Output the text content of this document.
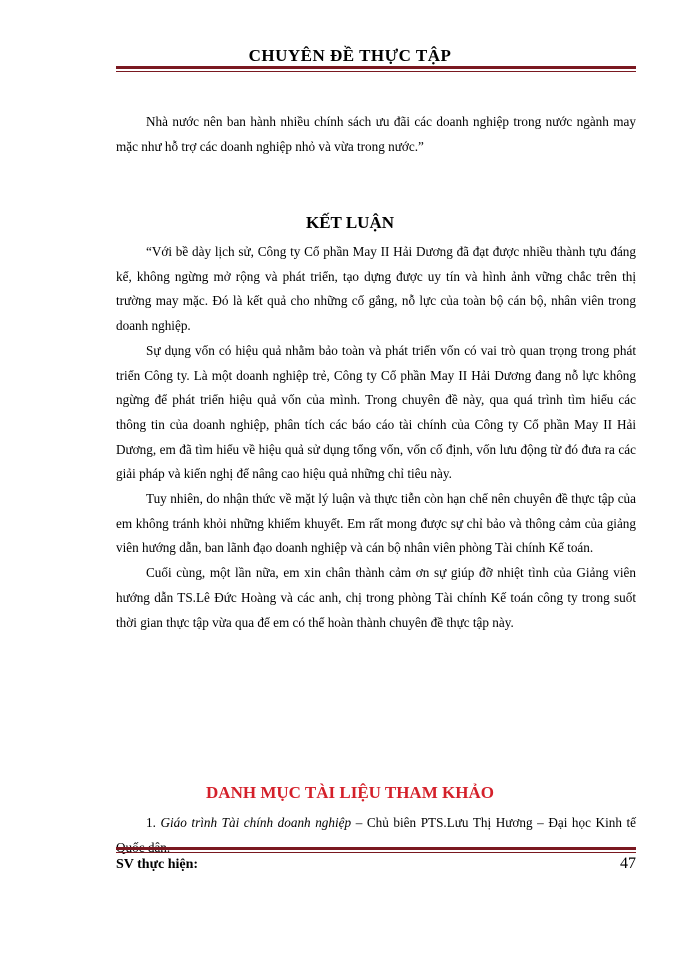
CHUYÊN ĐỀ THỰC TẬP

Nhà nước nên ban hành nhiều chính sách ưu đãi các doanh nghiệp trong nước ngành may mặc như hỗ trợ các doanh nghiệp nhỏ và vừa trong nước.”

KẾT LUẬN

“Với bề dày lịch sử, Công ty Cổ phần May II Hải Dương đã đạt được nhiều thành tựu đáng kể, không ngừng mở rộng và phát triển, tạo dựng được uy tín và hình ảnh vững chắc trên thị trường may mặc. Đó là kết quả cho những cố gắng, nỗ lực của toàn bộ cán bộ, nhân viên trong doanh nghiệp.

Sự dụng vốn có hiệu quả nhằm bảo toàn và phát triển vốn có vai trò quan trọng trong phát triển Công ty. Là một doanh nghiệp trẻ, Công ty Cổ phần May II Hải Dương đang nỗ lực không ngừng để phát triển hiệu quả vốn của mình. Trong chuyên đề này, qua quá trình tìm hiểu các thông tin của doanh nghiệp, phân tích các báo cáo tài chính của Công ty Cổ phần May II Hải Dương, em đã tìm hiểu về hiệu quả sử dụng tổng vốn, vốn cố định, vốn lưu động từ đó đưa ra các giải pháp và kiến nghị để nâng cao hiệu quả những chỉ tiêu này.

Tuy nhiên, do nhận thức về mặt lý luận và thực tiễn còn hạn chế nên chuyên đề thực tập của em không tránh khỏi những khiếm khuyết. Em rất mong được sự chỉ bảo và thông cảm của giảng viên hướng dẫn, ban lãnh đạo doanh nghiệp và cán bộ nhân viên phòng Tài chính Kế toán.

Cuối cùng, một lần nữa, em xin chân thành cảm ơn sự giúp đỡ nhiệt tình của Giảng viên hướng dẫn TS.Lê Đức Hoàng và các anh, chị trong phòng Tài chính Kế toán công ty trong suốt thời gian thực tập vừa qua để em có thể hoàn thành chuyên đề thực tập này.

DANH MỤC TÀI LIỆU THAM KHẢO

1. Giáo trình Tài chính doanh nghiệp – Chủ biên PTS.Lưu Thị Hương – Đại học Kinh tế

SV thực hiện:	47
